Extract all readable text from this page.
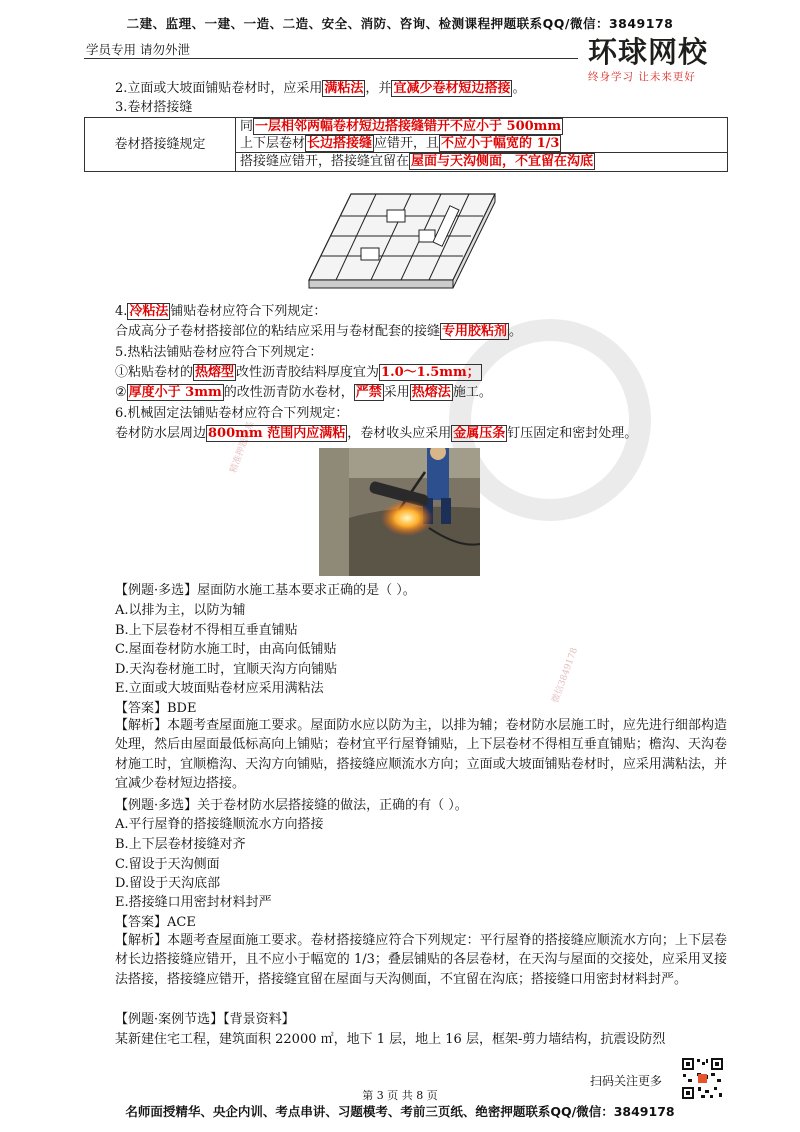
二建、监理、一建、一造、二造、安全、消防、咨询、检测课程押题联系QQ/微信：3849178
学员专用 请勿外泄	环球网校
终身学习 让未来更好
精准押题联系
微信3849178
2.立面或大坡面铺贴卷材时，应采用 满粘法 ，并 宜减少卷材短边搭接 。
3.卷材搭接缝
卷材搭接缝规定	同 一层相邻两幅卷材短边搭接缝错开不应小于 500mm
上下层卷材 长边搭接缝 应错开，且 不应小于幅宽的 1/3
搭接缝应错开，搭接缝宜留在 屋面与天沟侧面，不宜留在沟底
4. 冷粘法 铺贴卷材应符合下列规定：
合成高分子卷材搭接部位的粘结应采用与卷材配套的接缝 专用胶粘剂 。
5.热粘法铺贴卷材应符合下列规定：
①粘贴卷材的 热熔型 改性沥青胶结料厚度宜为 1.0～1.5mm；
② 厚度小于 3mm 的改性沥青防水卷材， 严禁 采用 热熔法 施工。
6.机械固定法铺贴卷材应符合下列规定：
卷材防水层周边 800mm 范围内应满粘 ，卷材收头应采用 金属压条 钉压固定和密封处理。
【例题·多选】屋面防水施工基本要求正确的是（ ）。
A.以排为主，以防为辅
B.上下层卷材不得相互垂直铺贴
C.屋面卷材防水施工时，由高向低铺贴
D.天沟卷材施工时，宜顺天沟方向铺贴
E.立面或大坡面贴卷材应采用满粘法
【答案】BDE
【解析】本题考查屋面施工要求。屋面防水应以防为主，以排为辅；卷材防水层施工时，应先进行细部构造处理，然后由屋面最低标高向上铺贴；卷材宜平行屋脊铺贴，上下层卷材不得相互垂直铺贴；檐沟、天沟卷材施工时，宜顺檐沟、天沟方向铺贴，搭接缝应顺流水方向；立面或大坡面铺贴卷材时，应采用满粘法，并宜减少卷材短边搭接。
【例题·多选】关于卷材防水层搭接缝的做法，正确的有（ ）。
A.平行屋脊的搭接缝顺流水方向搭接
B.上下层卷材接缝对齐
C.留设于天沟侧面
D.留设于天沟底部
E.搭接缝口用密封材料封严
【答案】ACE
【解析】本题考查屋面施工要求。卷材搭接缝应符合下列规定：平行屋脊的搭接缝应顺流水方向；上下层卷材长边搭接缝应错开，且不应小于幅宽的 1/3；叠层铺贴的各层卷材，在天沟与屋面的交接处，应采用叉接法搭接，搭接缝应错开，搭接缝宜留在屋面与天沟侧面，不宜留在沟底；搭接缝口用密封材料封严。
【例题·案例节选】【背景资料】
某新建住宅工程，建筑面积 22000 ㎡，地下 1 层，地上 16 层，框架-剪力墙结构，抗震设防烈
扫码关注更多
第 3 页 共 8 页
名师面授精华、央企内训、考点串讲、习题模考、考前三页纸、绝密押题联系QQ/微信：3849178
